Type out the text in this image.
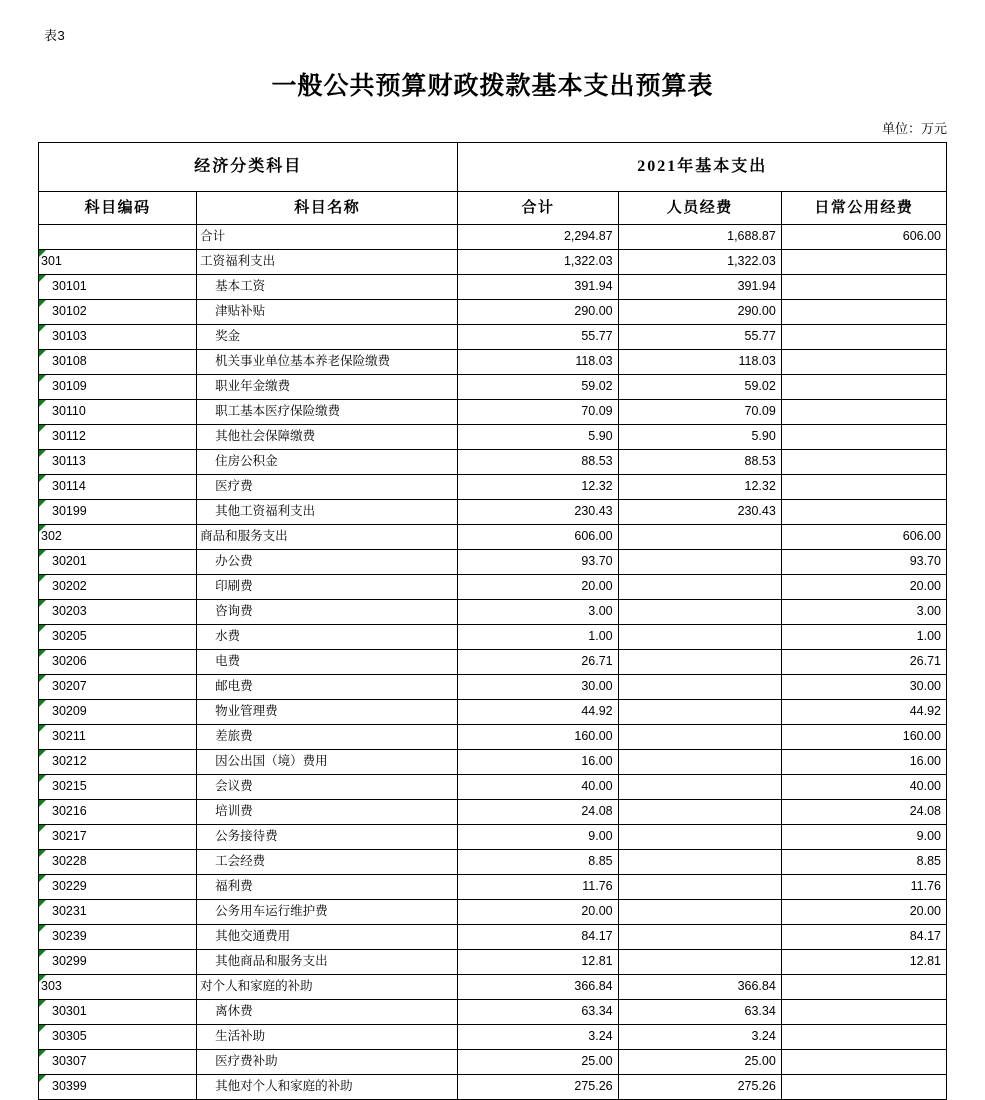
表3
一般公共预算财政拨款基本支出预算表
单位：万元
经济分类科目		2021年基本支出		
科目编码	科目名称	合计	人员经费	日常公用经费

	合计	2,294.87	1,688.87	606.00

301	工资福利支出	1,322.03	1,322.03	

30101	基本工资	391.94	391.94	

30102	津贴补贴	290.00	290.00	

30103	奖金	55.77	55.77	

30108	机关事业单位基本养老保险缴费	118.03	118.03	

30109	职业年金缴费	59.02	59.02	

30110	职工基本医疗保险缴费	70.09	70.09	

30112	其他社会保障缴费	5.90	5.90	

30113	住房公积金	88.53	88.53	

30114	医疗费	12.32	12.32	

30199	其他工资福利支出	230.43	230.43	

302	商品和服务支出	606.00		606.00

30201	办公费	93.70		93.70

30202	印刷费	20.00		20.00

30203	咨询费	3.00		3.00

30205	水费	1.00		1.00

30206	电费	26.71		26.71

30207	邮电费	30.00		30.00

30209	物业管理费	44.92		44.92

30211	差旅费	160.00		160.00

30212	因公出国（境）费用	16.00		16.00

30215	会议费	40.00		40.00

30216	培训费	24.08		24.08

30217	公务接待费	9.00		9.00

30228	工会经费	8.85		8.85

30229	福利费	11.76		11.76

30231	公务用车运行维护费	20.00		20.00

30239	其他交通费用	84.17		84.17

30299	其他商品和服务支出	12.81		12.81

303	对个人和家庭的补助	366.84	366.84	

30301	离休费	63.34	63.34	

30305	生活补助	3.24	3.24	

30307	医疗费补助	25.00	25.00	

30399	其他对个人和家庭的补助	275.26	275.26	
